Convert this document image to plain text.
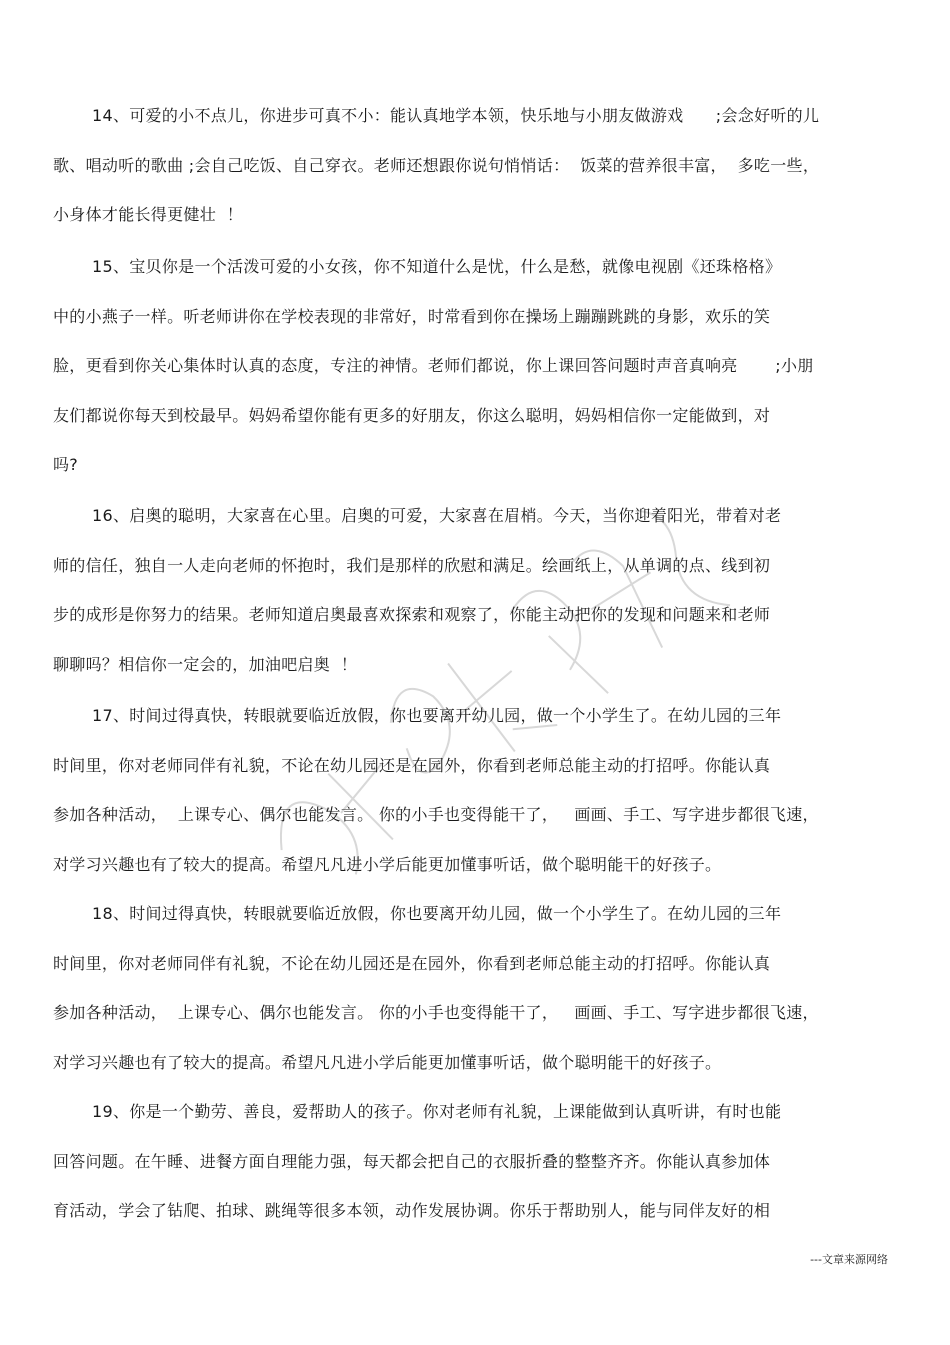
14、可爱的小不点儿，你进步可真不小：能认真地学本领，快乐地与小朋友做游戏      ;会念好听的儿
歌、唱动听的歌曲 ;会自己吃饭、自己穿衣。老师还想跟你说句悄悄话：  饭菜的营养很丰富，  多吃一些，
小身体才能长得更健壮  ！
15、宝贝你是一个活泼可爱的小女孩，你不知道什么是忧，什么是愁，就像电视剧《还珠格格》
中的小燕子一样。听老师讲你在学校表现的非常好，时常看到你在操场上蹦蹦跳跳的身影，欢乐的笑
脸，更看到你关心集体时认真的态度，专注的神情。老师们都说，你上课回答问题时声音真响亮       ;小朋
友们都说你每天到校最早。妈妈希望你能有更多的好朋友，你这么聪明，妈妈相信你一定能做到，对
吗?
16、启奥的聪明，大家喜在心里。启奥的可爱，大家喜在眉梢。今天，当你迎着阳光，带着对老
师的信任，独自一人走向老师的怀抱时，我们是那样的欣慰和满足。绘画纸上，从单调的点、线到初
步的成形是你努力的结果。老师知道启奥最喜欢探索和观察了，你能主动把你的发现和问题来和老师
聊聊吗？相信你一定会的，加油吧启奥  ！
17、时间过得真快，转眼就要临近放假，你也要离开幼儿园，做一个小学生了。在幼儿园的三年
时间里，你对老师同伴有礼貌，不论在幼儿园还是在园外，你看到老师总能主动的打招呼。你能认真
参加各种活动，  上课专心、偶尔也能发言。 你的小手也变得能干了，   画画、手工、写字进步都很飞速，
对学习兴趣也有了较大的提高。希望凡凡进小学后能更加懂事听话，做个聪明能干的好孩子。
18、时间过得真快，转眼就要临近放假，你也要离开幼儿园，做一个小学生了。在幼儿园的三年
时间里，你对老师同伴有礼貌，不论在幼儿园还是在园外，你看到老师总能主动的打招呼。你能认真
参加各种活动，  上课专心、偶尔也能发言。 你的小手也变得能干了，   画画、手工、写字进步都很飞速，
对学习兴趣也有了较大的提高。希望凡凡进小学后能更加懂事听话，做个聪明能干的好孩子。
19、你是一个勤劳、善良，爱帮助人的孩子。你对老师有礼貌，上课能做到认真听讲，有时也能
回答问题。在午睡、进餐方面自理能力强，每天都会把自己的衣服折叠的整整齐齐。你能认真参加体
育活动，学会了钻爬、拍球、跳绳等很多本领，动作发展协调。你乐于帮助别人，能与同伴友好的相
---文章来源网络
